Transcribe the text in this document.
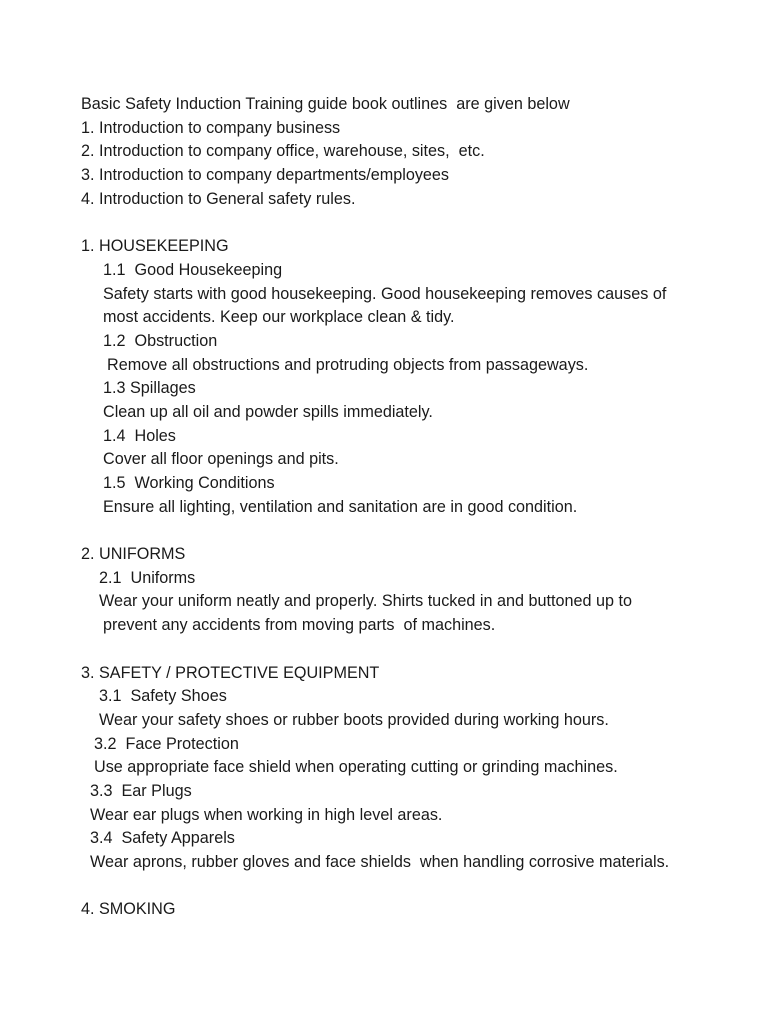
Basic Safety Induction Training guide book outlines  are given below
1. Introduction to company business
2. Introduction to company office, warehouse, sites,  etc.
3. Introduction to company departments/employees
4. Introduction to General safety rules.
1. HOUSEKEEPING
1.1  Good Housekeeping
Safety starts with good housekeeping. Good housekeeping removes causes of
most accidents. Keep our workplace clean & tidy.
1.2  Obstruction
Remove all obstructions and protruding objects from passageways.
1.3 Spillages
Clean up all oil and powder spills immediately.
1.4  Holes
Cover all floor openings and pits.
1.5  Working Conditions
Ensure all lighting, ventilation and sanitation are in good condition.
2. UNIFORMS
2.1  Uniforms
Wear your uniform neatly and properly. Shirts tucked in and buttoned up to
prevent any accidents from moving parts  of machines.
3. SAFETY / PROTECTIVE EQUIPMENT
3.1  Safety Shoes
Wear your safety shoes or rubber boots provided during working hours.
3.2  Face Protection
Use appropriate face shield when operating cutting or grinding machines.
3.3  Ear Plugs
Wear ear plugs when working in high level areas.
3.4  Safety Apparels
Wear aprons, rubber gloves and face shields  when handling corrosive materials.
4. SMOKING
